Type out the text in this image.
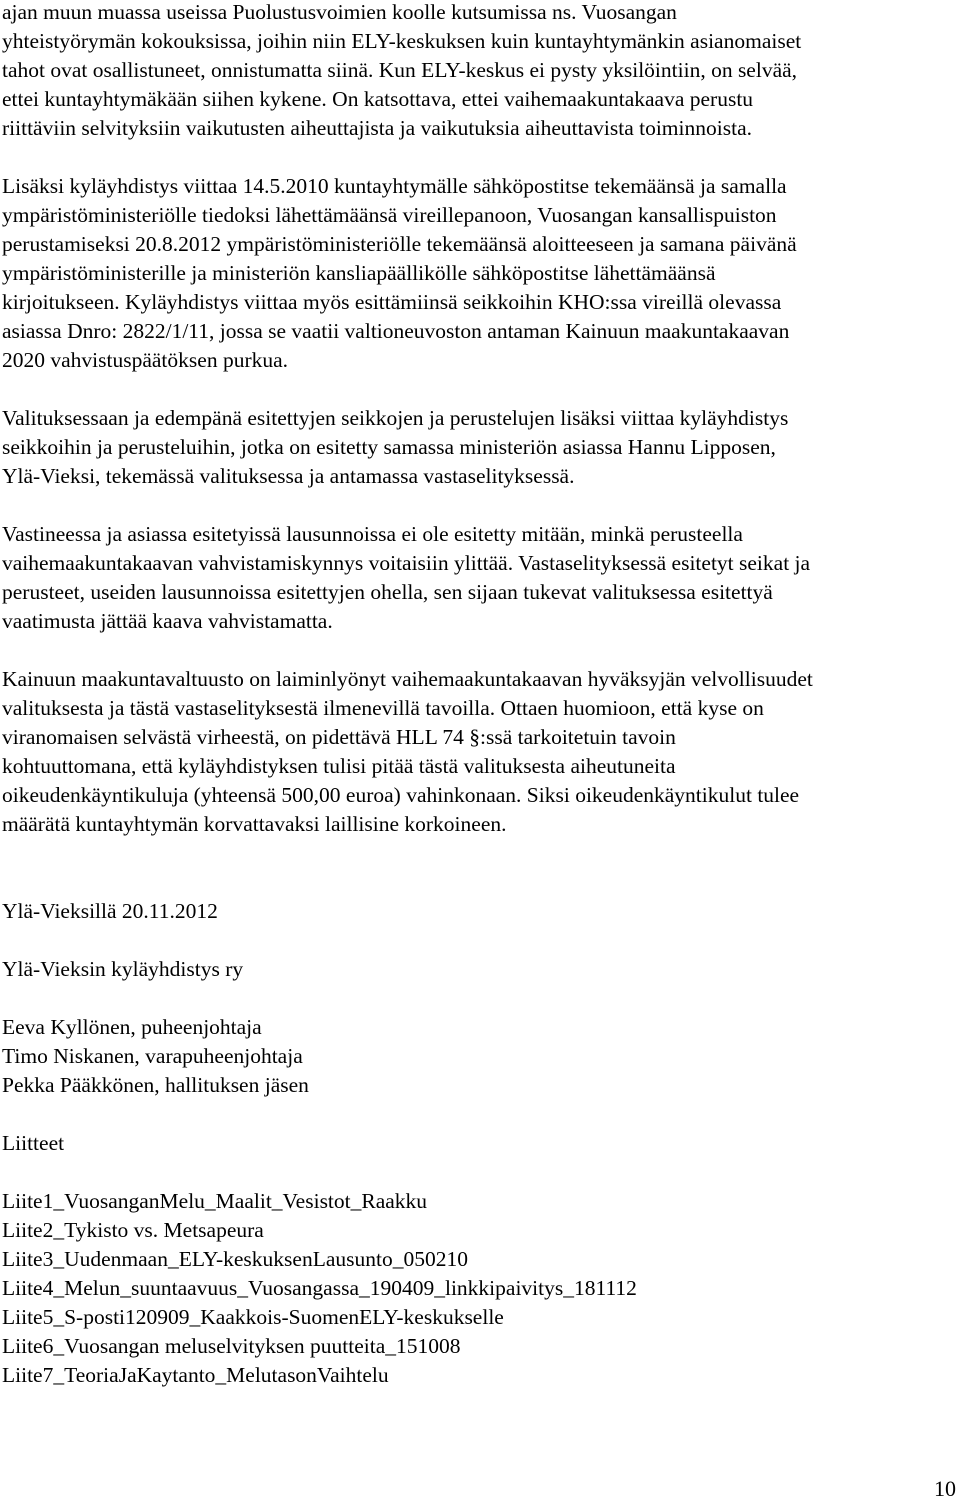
ajan muun muassa useissa Puolustusvoimien koolle kutsumissa ns. Vuosangan
yhteistyörymän kokouksissa, joihin niin ELY-keskuksen kuin kuntayhtymänkin asianomaiset
tahot ovat osallistuneet, onnistumatta siinä. Kun ELY-keskus ei pysty yksilöintiin, on selvää,
ettei kuntayhtymäkään siihen kykene. On katsottava, ettei vaihemaakuntakaava perustu
riittäviin selvityksiin vaikutusten aiheuttajista ja vaikutuksia aiheuttavista toiminnoista.
Lisäksi kyläyhdistys viittaa 14.5.2010 kuntayhtymälle sähköpostitse tekemäänsä ja samalla
ympäristöministeriölle tiedoksi lähettämäänsä vireillepanoon, Vuosangan kansallispuiston
perustamiseksi 20.8.2012 ympäristöministeriölle tekemäänsä aloitteeseen ja samana päivänä
ympäristöministerille ja ministeriön kansliapäällikölle sähköpostitse lähettämäänsä
kirjoitukseen. Kyläyhdistys viittaa myös esittämiinsä seikkoihin KHO:ssa vireillä olevassa
asiassa Dnro: 2822/1/11, jossa se vaatii valtioneuvoston antaman Kainuun maakuntakaavan
2020 vahvistuspäätöksen purkua.
Valituksessaan ja edempänä esitettyjen seikkojen ja perustelujen lisäksi viittaa kyläyhdistys
seikkoihin ja perusteluihin, jotka on esitetty samassa ministeriön asiassa Hannu Lipposen,
Ylä-Vieksi, tekemässä valituksessa ja antamassa vastaselityksessä.
Vastineessa ja asiassa esitetyissä lausunnoissa ei ole esitetty mitään, minkä perusteella
vaihemaakuntakaavan vahvistamiskynnys voitaisiin ylittää. Vastaselityksessä esitetyt seikat ja
perusteet, useiden lausunnoissa esitettyjen ohella, sen sijaan tukevat valituksessa esitettyä
vaatimusta jättää kaava vahvistamatta.
Kainuun maakuntavaltuusto on laiminlyönyt vaihemaakuntakaavan hyväksyjän velvollisuudet
valituksesta ja tästä vastaselityksestä ilmenevillä tavoilla. Ottaen huomioon, että kyse on
viranomaisen selvästä virheestä, on pidettävä HLL 74 §:ssä tarkoitetuin tavoin
kohtuuttomana, että kyläyhdistyksen tulisi pitää tästä valituksesta aiheutuneita
oikeudenkäyntikuluja (yhteensä 500,00 euroa) vahinkonaan. Siksi oikeudenkäyntikulut tulee
määrätä kuntayhtymän korvattavaksi laillisine korkoineen.
Ylä-Vieksillä 20.11.2012
Ylä-Vieksin kyläyhdistys ry
Eeva Kyllönen, puheenjohtaja
Timo Niskanen, varapuheenjohtaja
Pekka Pääkkönen, hallituksen jäsen
Liitteet
Liite1_VuosanganMelu_Maalit_Vesistot_Raakku
Liite2_Tykisto vs. Metsapeura
Liite3_Uudenmaan_ELY-keskuksenLausunto_050210
Liite4_Melun_suuntaavuus_Vuosangassa_190409_linkkipaivitys_181112
Liite5_S-posti120909_Kaakkois-SuomenELY-keskukselle
Liite6_Vuosangan meluselvityksen puutteita_151008
Liite7_TeoriaJaKaytanto_MelutasonVaihtelu
10
